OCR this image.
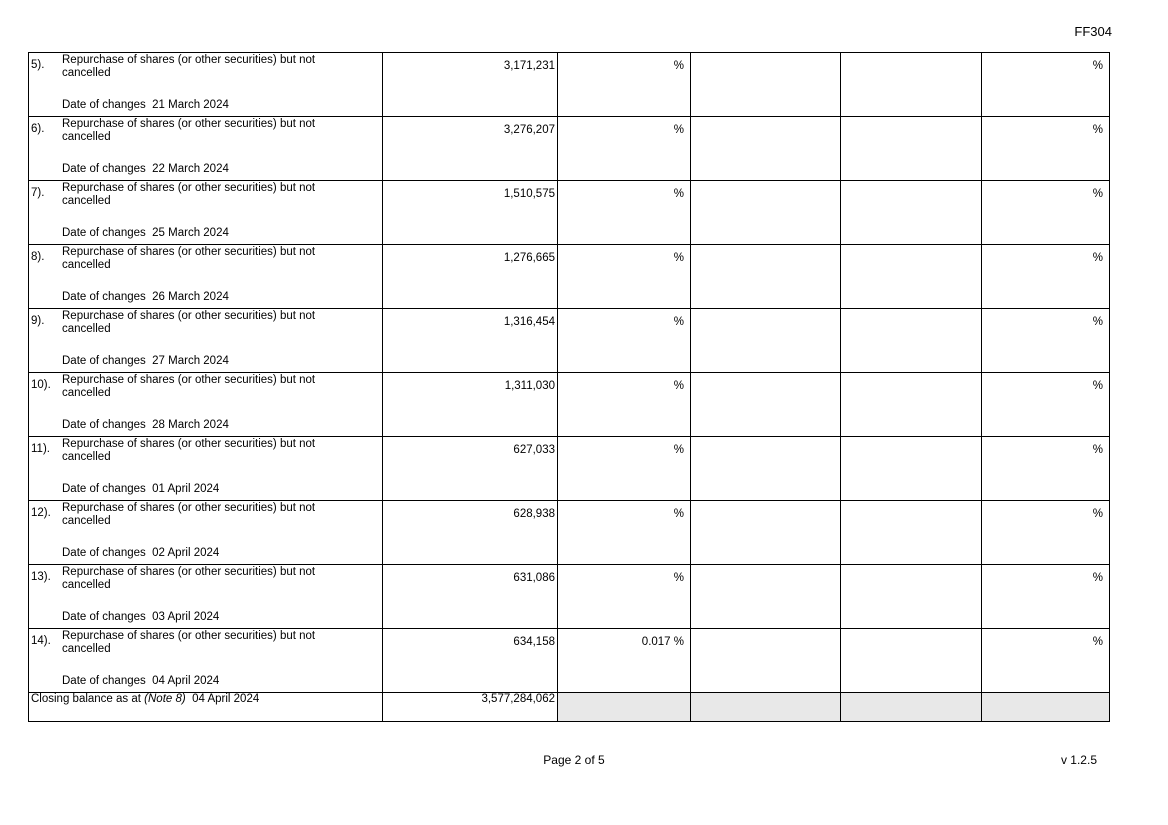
FF304
5). Repurchase of shares (or other securities) but not cancelled
Date of changes 21 March 2024	3,171,231	%			%

6). Repurchase of shares (or other securities) but not cancelled
Date of changes 22 March 2024	3,276,207	%			%

7). Repurchase of shares (or other securities) but not cancelled
Date of changes 25 March 2024	1,510,575	%			%

8). Repurchase of shares (or other securities) but not cancelled
Date of changes 26 March 2024	1,276,665	%			%

9). Repurchase of shares (or other securities) but not cancelled
Date of changes 27 March 2024	1,316,454	%			%

10). Repurchase of shares (or other securities) but not cancelled
Date of changes 28 March 2024	1,311,030	%			%

11). Repurchase of shares (or other securities) but not cancelled
Date of changes 01 April 2024	627,033	%			%

12). Repurchase of shares (or other securities) but not cancelled
Date of changes 02 April 2024	628,938	%			%

13). Repurchase of shares (or other securities) but not cancelled
Date of changes 03 April 2024	631,086	%			%

14). Repurchase of shares (or other securities) but not cancelled
Date of changes 04 April 2024	634,158	0.017 %			%
Closing balance as at (Note 8) 04 April 2024	3,577,284,062				
Page 2 of 5	v 1.2.5
